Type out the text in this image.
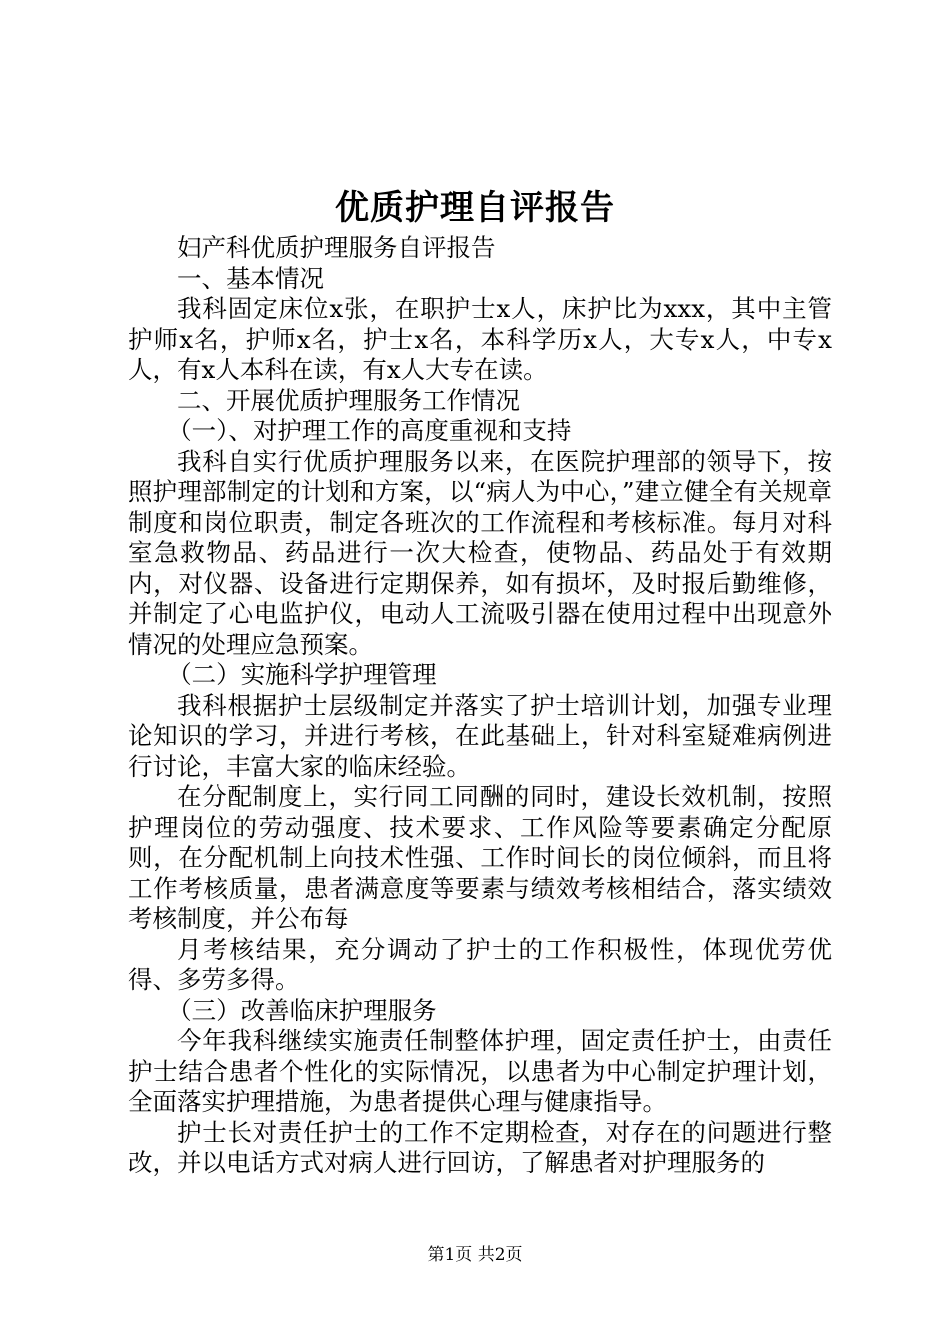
优质护理自评报告

妇产科优质护理服务自评报告

一、基本情况

我科固定床位x张，在职护士x人，床护比为xxx，其中主管护师x名，护师x名，护士x名，本科学历x人，大专x人，中专x人，有x人本科在读，有x人大专在读。

二、开展优质护理服务工作情况

（一）、对护理工作的高度重视和支持

我科自实行优质护理服务以来，在医院护理部的领导下，按照护理部制定的计划和方案，以“病人为中心，”建立健全有关规章制度和岗位职责，制定各班次的工作流程和考核标准。每月对科室急救物品、药品进行一次大检查，使物品、药品处于有效期内，对仪器、设备进行定期保养，如有损坏，及时报后勤维修，并制定了心电监护仪，电动人工流吸引器在使用过程中出现意外情况的处理应急预案。

（二）实施科学护理管理

我科根据护士层级制定并落实了护士培训计划，加强专业理论知识的学习，并进行考核，在此基础上，针对科室疑难病例进行讨论，丰富大家的临床经验。

在分配制度上，实行同工同酬的同时，建设长效机制，按照护理岗位的劳动强度、技术要求、工作风险等要素确定分配原则，在分配机制上向技术性强、工作时间长的岗位倾斜，而且将工作考核质量，患者满意度等要素与绩效考核相结合，落实绩效考核制度，并公布每

月考核结果，充分调动了护士的工作积极性，体现优劳优得、多劳多得。

（三）改善临床护理服务

今年我科继续实施责任制整体护理，固定责任护士，由责任护士结合患者个性化的实际情况，以患者为中心制定护理计划，全面落实护理措施，为患者提供心理与健康指导。

护士长对责任护士的工作不定期检查，对存在的问题进行整改，并以电话方式对病人进行回访，了解患者对护理服务的

第1页 共2页
